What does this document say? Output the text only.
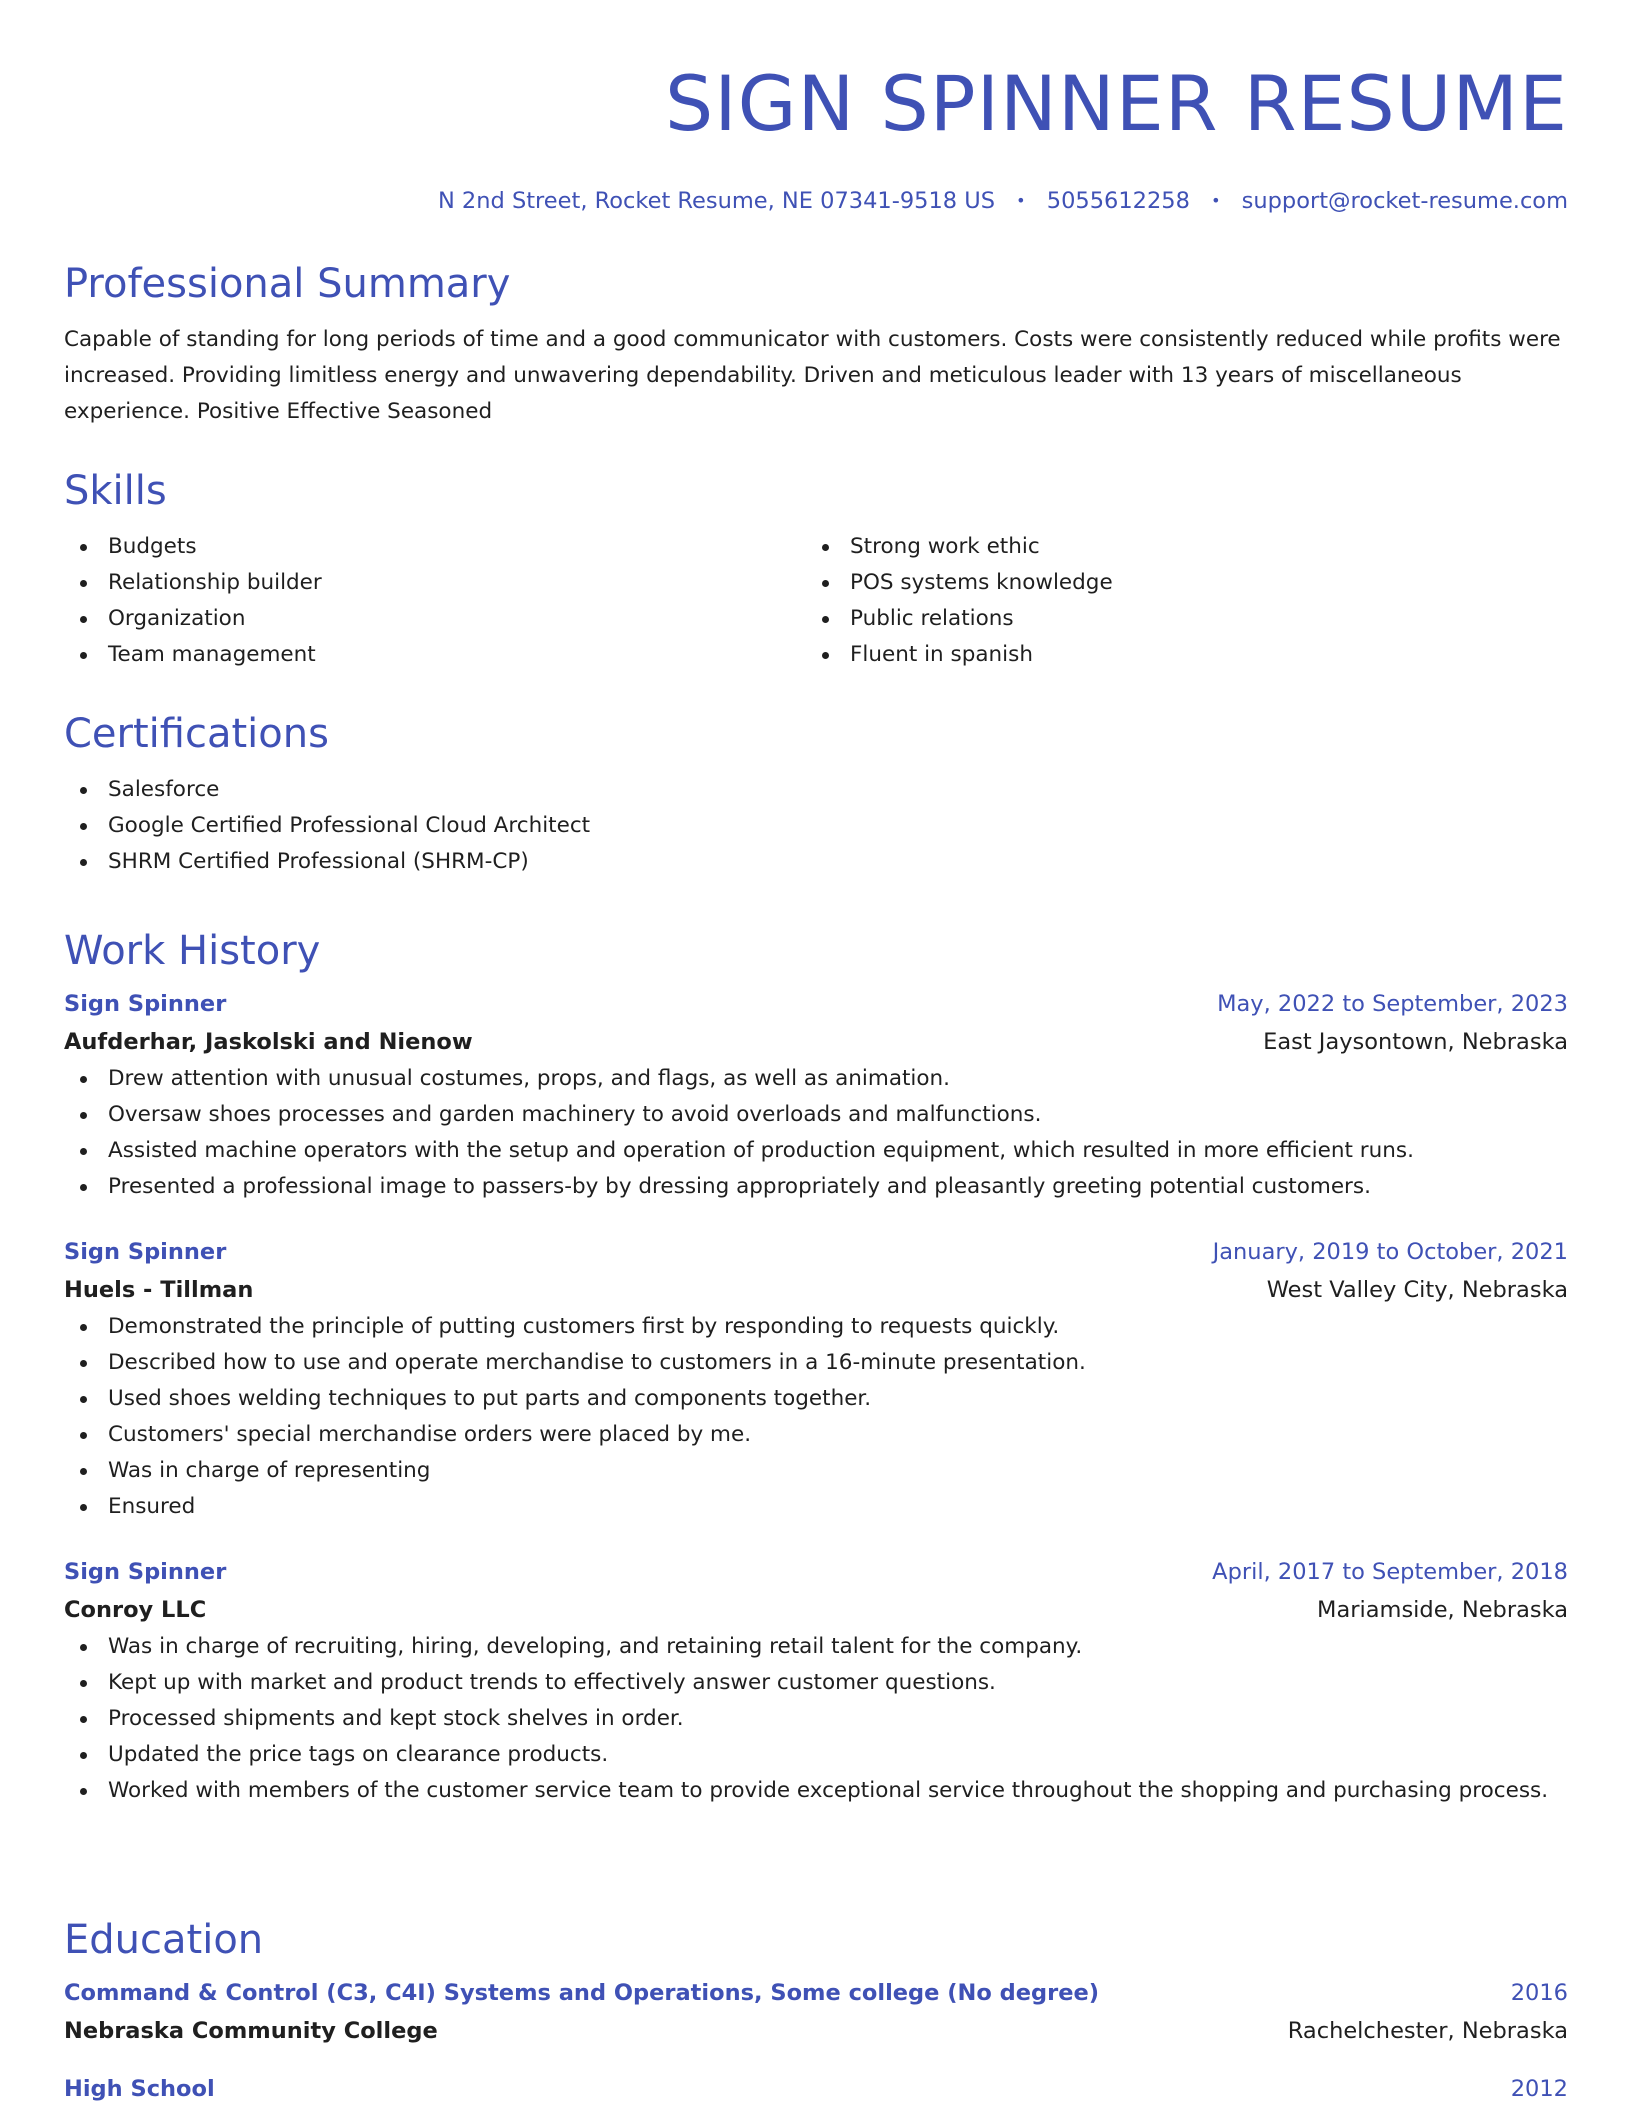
SIGN SPINNER RESUME
N 2nd Street, Rocket Resume, NE 07341-9518 US • 5055612258 • support@rocket-resume.com
Professional Summary

Capable of standing for long periods of time and a good communicator with customers. Costs were consistently reduced while profits were increased. Providing limitless energy and unwavering dependability. Driven and meticulous leader with 13 years of miscellaneous experience. Positive Effective Seasoned

Skills
Budgets
Relationship builder
Organization
Team management
Strong work ethic
POS systems knowledge
Public relations
Fluent in spanish
Certifications
Salesforce
Google Certified Professional Cloud Architect
SHRM Certified Professional (SHRM-CP)
Work History
Sign Spinner	May, 2022 to September, 2023
Aufderhar, Jaskolski and Nienow	East Jaysontown, Nebraska
Drew attention with unusual costumes, props, and flags, as well as animation.
Oversaw shoes processes and garden machinery to avoid overloads and malfunctions.
Assisted machine operators with the setup and operation of production equipment, which resulted in more efficient runs.
Presented a professional image to passers-by by dressing appropriately and pleasantly greeting potential customers.
Sign Spinner	January, 2019 to October, 2021
Huels - Tillman	West Valley City, Nebraska
Demonstrated the principle of putting customers first by responding to requests quickly.
Described how to use and operate merchandise to customers in a 16-minute presentation.
Used shoes welding techniques to put parts and components together.
Customers' special merchandise orders were placed by me.
Was in charge of representing
Ensured
Sign Spinner	April, 2017 to September, 2018
Conroy LLC	Mariamside, Nebraska
Was in charge of recruiting, hiring, developing, and retaining retail talent for the company.
Kept up with market and product trends to effectively answer customer questions.
Processed shipments and kept stock shelves in order.
Updated the price tags on clearance products.
Worked with members of the customer service team to provide exceptional service throughout the shopping and purchasing process.
Education
Command & Control (C3, C4I) Systems and Operations, Some college (No degree)	2016
Nebraska Community College	Rachelchester, Nebraska
High School	2012
